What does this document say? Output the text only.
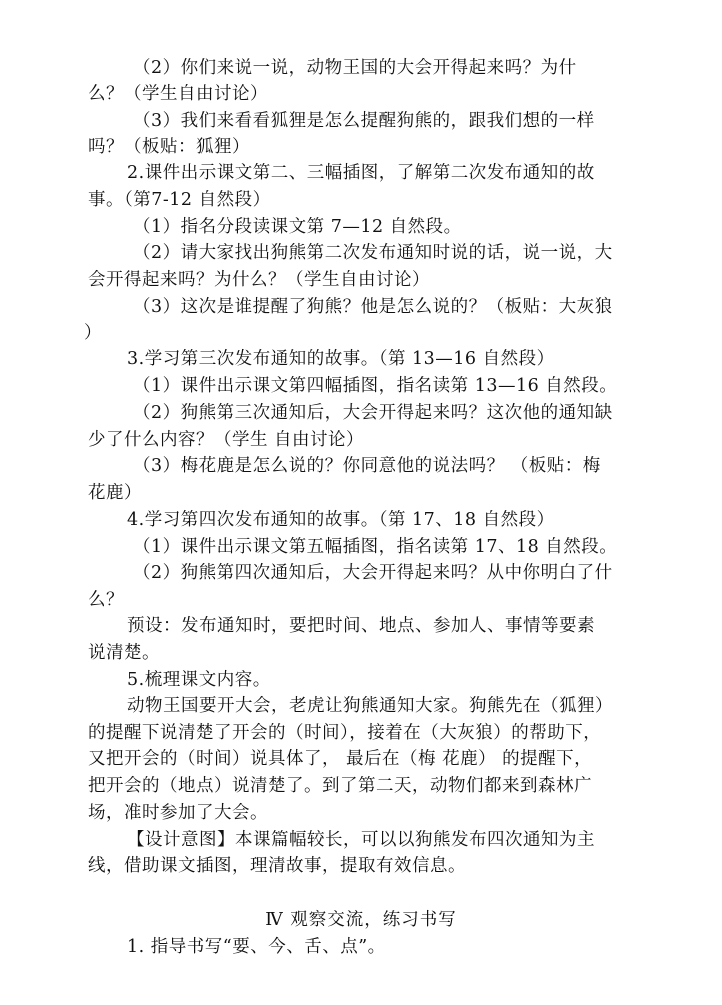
（2）你们来说一说，动物王国的大会开得起来吗？为什
么？（学生自由讨论）
（3）我们来看看狐狸是怎么提醒狗熊的，跟我们想的一样
吗？（板贴：狐狸）
2.课件出示课文第二、三幅插图，了解第二次发布通知的故
事。（第7-12 自然段）
（1）指名分段读课文第 7—12 自然段。
（2）请大家找出狗熊第二次发布通知时说的话，说一说，大
会开得起来吗？为什么？（学生自由讨论）
（3）这次是谁提醒了狗熊？他是怎么说的？（板贴：大灰狼
）
3.学习第三次发布通知的故事。（第 13—16 自然段）
（1）课件出示课文第四幅插图，指名读第 13—16 自然段。
（2）狗熊第三次通知后，大会开得起来吗？这次他的通知缺
少了什么内容？（学生 自由讨论）
（3）梅花鹿是怎么说的？你同意他的说法吗？ （板贴：梅
花鹿）
4.学习第四次发布通知的故事。（第 17、18 自然段）
（1）课件出示课文第五幅插图，指名读第 17、18 自然段。
（2）狗熊第四次通知后，大会开得起来吗？从中你明白了什
么？
预设：发布通知时，要把时间、地点、参加人、事情等要素
说清楚。
5.梳理课文内容。
动物王国要开大会，老虎让狗熊通知大家。狗熊先在（狐狸）
的提醒下说清楚了开会的（时间），接着在（大灰狼）的帮助下，
又把开会的（时间）说具体了， 最后在（梅 花鹿） 的提醒下，
把开会的（地点）说清楚了。到了第二天，动物们都来到森林广
场，准时参加了大会。
【设计意图】本课篇幅较长，可以以狗熊发布四次通知为主
线，借助课文插图，理清故事，提取有效信息。
Ⅳ 观察交流，练习书写
1. 指导书写“要、今、舌、点”。
